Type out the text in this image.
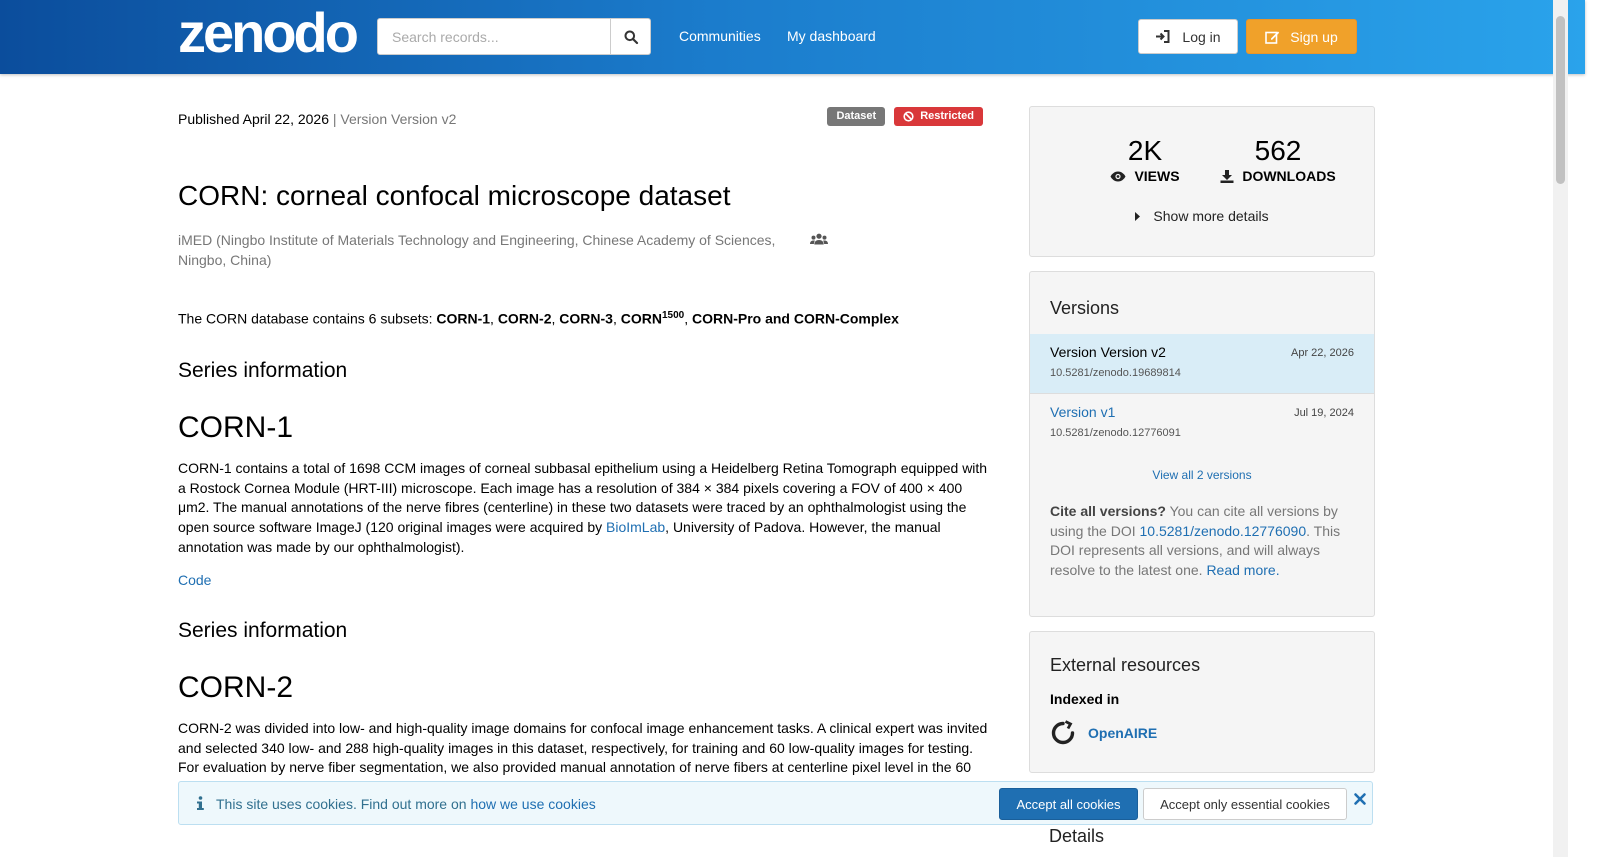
zenodo
Search records...	Communities My dashboard	Log in	Sign up
Published April 22, 2026 | Version Version v2	Dataset	Restricted
CORN: corneal confocal microscope dataset
iMED (Ningbo Institute of Materials Technology and Engineering, Chinese Academy of Sciences, Ningbo, China)
The CORN database contains 6 subsets: CORN-1, CORN-2, CORN-3, $CORN^{1500}$, CORN-Pro and CORN-Complex
Series information
CORN-1
CORN-1 contains a total of 1698 CCM images of corneal subbasal epithelium using a Heidelberg Retina Tomograph equipped with a Rostock Cornea Module (HRT-III) microscope. Each image has a resolution of 384 × 384 pixels covering a FOV of 400 × 400 μm2. The manual annotations of the nerve fibres (centerline) in these two datasets were traced by an ophthalmologist using the open source software ImageJ (120 original images were acquired by BioImLab, University of Padova. However, the manual annotation was made by our ophthalmologist).
Code
Series information
CORN-2
CORN-2 was divided into low- and high-quality image domains for confocal image enhancement tasks. A clinical expert was invited and selected 340 low- and 288 high-quality images in this dataset, respectively, for training and 60 low-quality images for testing. For evaluation by nerve fiber segmentation, we also provided manual annotation of nerve fibers at centerline pixel level in the 60
2K
VIEWS
562
DOWNLOADS
Show more details
Versions
Version Version v2	Apr 22, 2026
10.5281/zenodo.19689814
Version v1	Jul 19, 2024
10.5281/zenodo.12776091
View all 2 versions
Cite all versions? You can cite all versions by using the DOI 10.5281/zenodo.12776090. This DOI represents all versions, and will always resolve to the latest one. Read more.
External resources
Indexed in
OpenAIRE
Details
This site uses cookies. Find out more on how we use cookies	Accept all cookies	Accept only essential cookies
